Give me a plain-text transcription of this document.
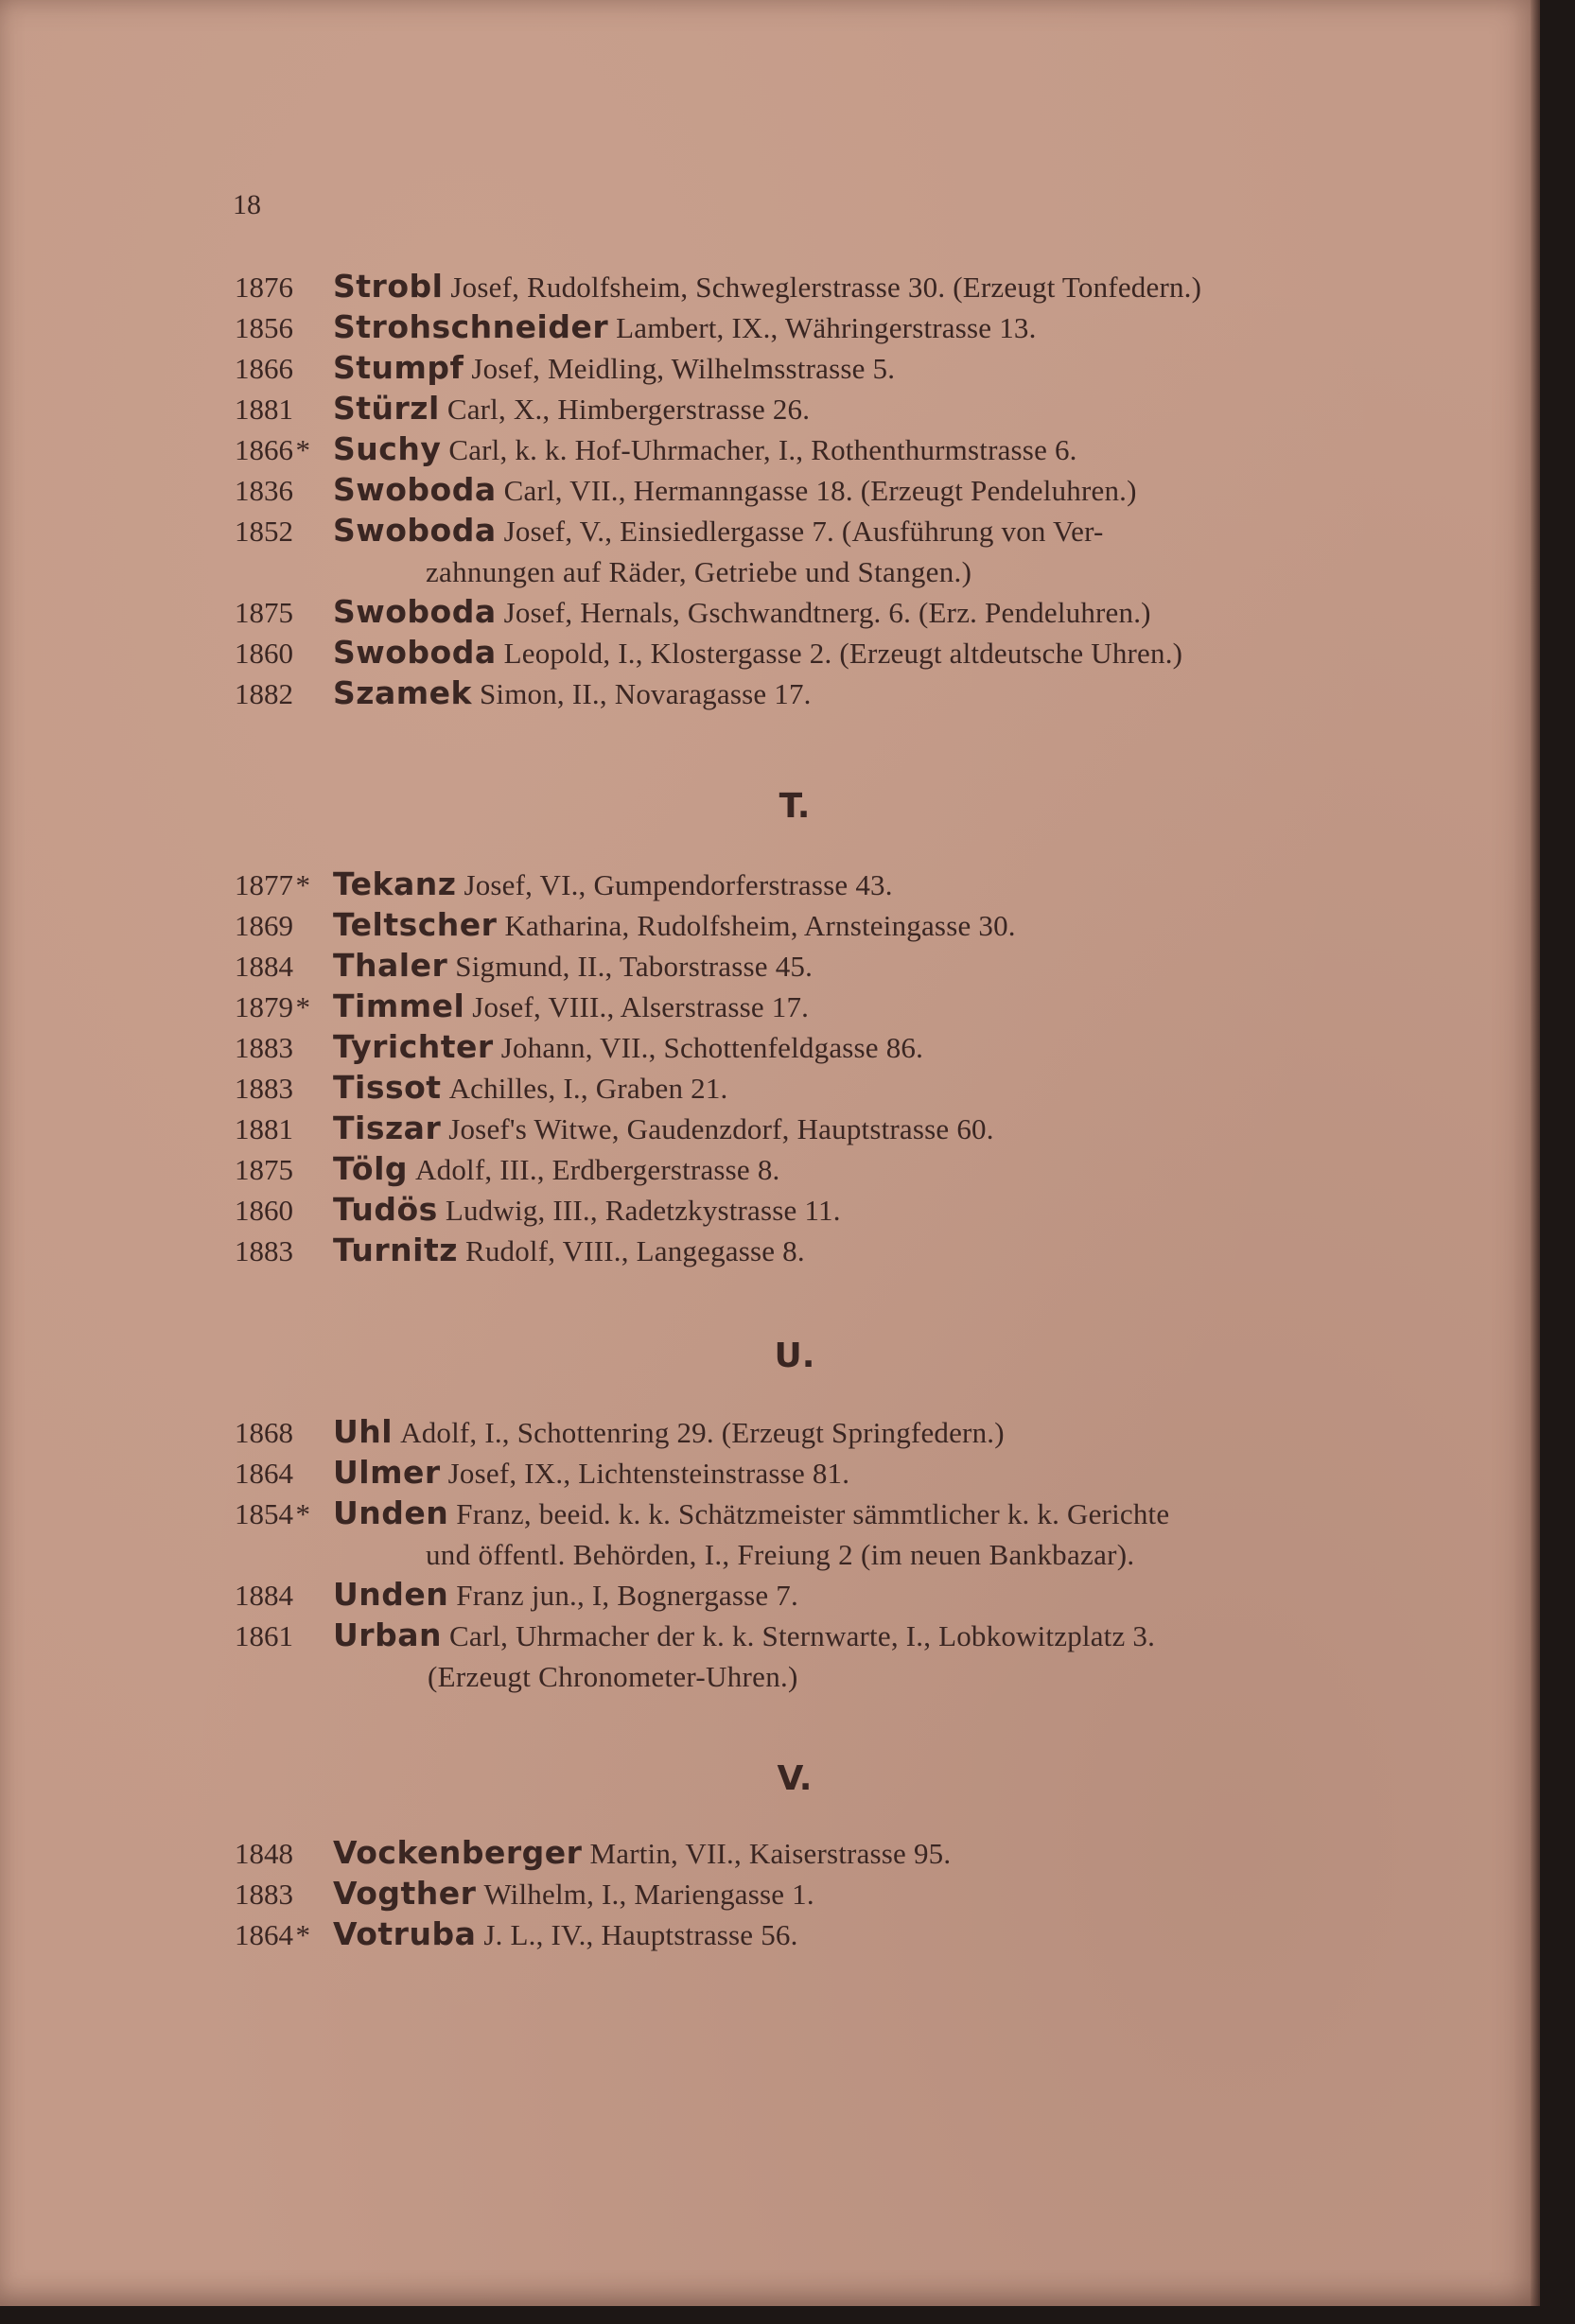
18
1876 Strobl Josef, Rudolfsheim, Schweglerstrasse 30. (Erzeugt Tonfedern.)
1856 Strohschneider Lambert, IX., Währingerstrasse 13.
1866 Stumpf Josef, Meidling, Wilhelmsstrasse 5.
1881 Stürzl Carl, X., Himbergerstrasse 26.
1866* Suchy Carl, k. k. Hof-Uhrmacher, I., Rothenthurmstrasse 6.
1836 Swoboda Carl, VII., Hermanngasse 18. (Erzeugt Pendeluhren.)
1852 Swoboda Josef, V., Einsiedlergasse 7. (Ausführung von Ver-
zahnungen auf Räder, Getriebe und Stangen.)
1875 Swoboda Josef, Hernals, Gschwandtnerg. 6. (Erz. Pendeluhren.)
1860 Swoboda Leopold, I., Klostergasse 2. (Erzeugt altdeutsche Uhren.)
1882 Szamek Simon, II., Novaragasse 17.
T.
1877* Tekanz Josef, VI., Gumpendorferstrasse 43.
1869 Teltscher Katharina, Rudolfsheim, Arnsteingasse 30.
1884 Thaler Sigmund, II., Taborstrasse 45.
1879* Timmel Josef, VIII., Alserstrasse 17.
1883 Tyrichter Johann, VII., Schottenfeldgasse 86.
1883 Tissot Achilles, I., Graben 21.
1881 Tiszar Josef's Witwe, Gaudenzdorf, Hauptstrasse 60.
1875 Tölg Adolf, III., Erdbergerstrasse 8.
1860 Tudös Ludwig, III., Radetzkystrasse 11.
1883 Turnitz Rudolf, VIII., Langegasse 8.
U.
1868 Uhl Adolf, I., Schottenring 29. (Erzeugt Springfedern.)
1864 Ulmer Josef, IX., Lichtensteinstrasse 81.
1854* Unden Franz, beeid. k. k. Schätzmeister sämmtlicher k. k. Gerichte
und öffentl. Behörden, I., Freiung 2 (im neuen Bankbazar).
1884 Unden Franz jun., I, Bognergasse 7.
1861 Urban Carl, Uhrmacher der k. k. Sternwarte, I., Lobkowitzplatz 3.
(Erzeugt Chronometer-Uhren.)
V.
1848 Vockenberger Martin, VII., Kaiserstrasse 95.
1883 Vogther Wilhelm, I., Mariengasse 1.
1864* Votruba J. L., IV., Hauptstrasse 56.
